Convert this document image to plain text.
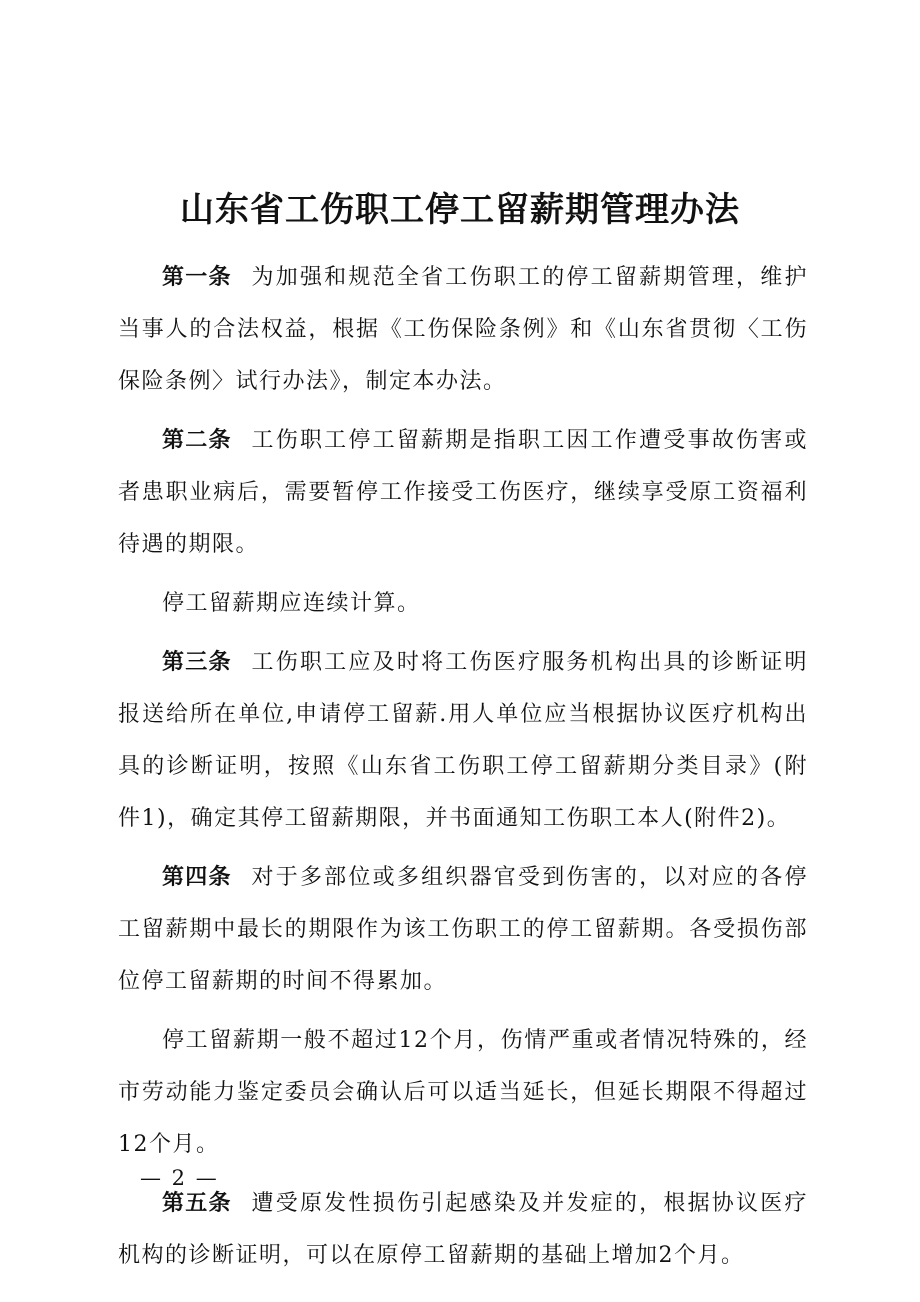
山东省工伤职工停工留薪期管理办法

第一条 为加强和规范全省工伤职工的停工留薪期管理，维护当事人的合法权益，根据《工伤保险条例》和《山东省贯彻〈工伤保险条例〉试行办法》，制定本办法。

第二条 工伤职工停工留薪期是指职工因工作遭受事故伤害或者患职业病后，需要暂停工作接受工伤医疗，继续享受原工资福利待遇的期限。

停工留薪期应连续计算。

第三条 工伤职工应及时将工伤医疗服务机构出具的诊断证明报送给所在单位,申请停工留薪.用人单位应当根据协议医疗机构出具的诊断证明，按照《山东省工伤职工停工留薪期分类目录》(附件1)，确定其停工留薪期限，并书面通知工伤职工本人(附件2)。

第四条 对于多部位或多组织器官受到伤害的，以对应的各停工留薪期中最长的期限作为该工伤职工的停工留薪期。各受损伤部位停工留薪期的时间不得累加。

停工留薪期一般不超过12个月，伤情严重或者情况特殊的，经市劳动能力鉴定委员会确认后可以适当延长，但延长期限不得超过12个月。

第五条 遭受原发性损伤引起感染及并发症的，根据协议医疗机构的诊断证明，可以在原停工留薪期的基础上增加2个月。

— 2 —
